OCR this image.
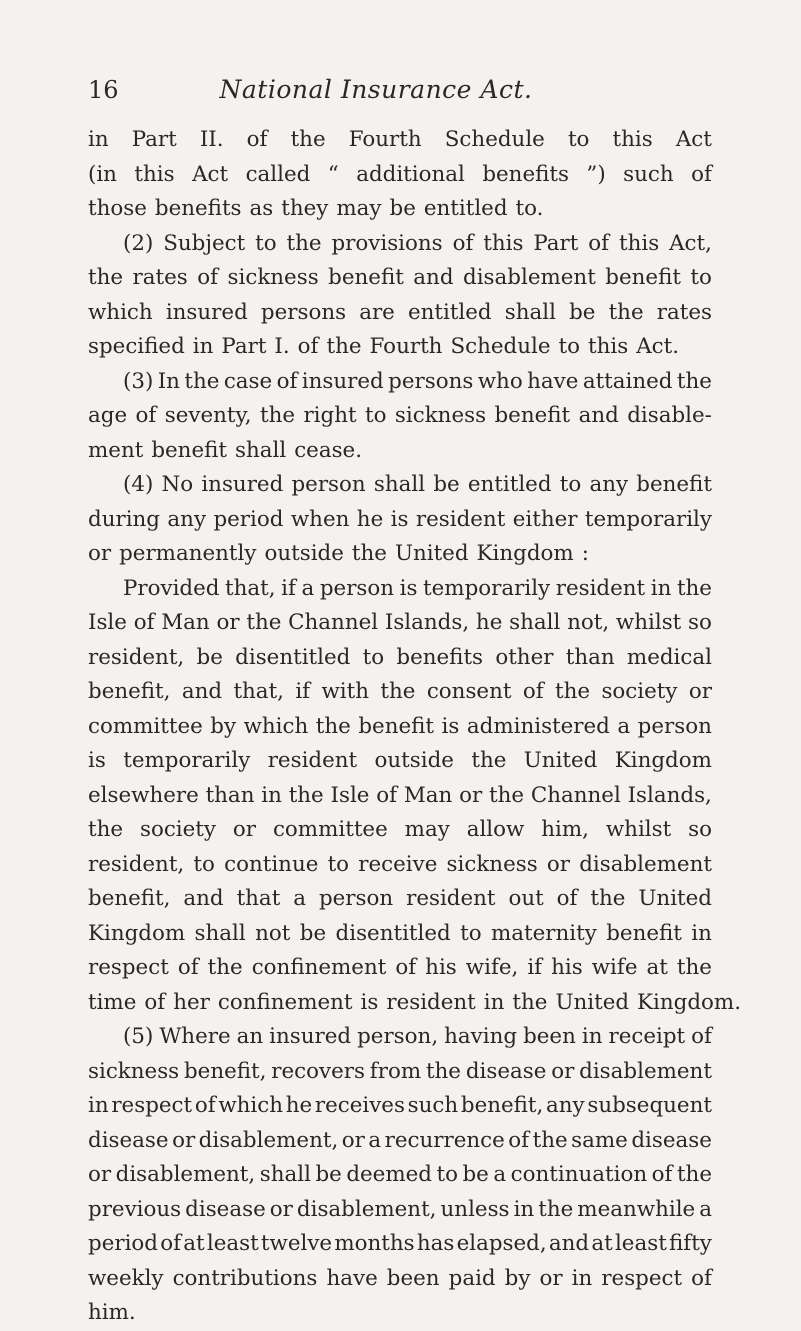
16	National Insurance Act.
in Part II. of the Fourth Schedule to this Act
(in this Act called “ additional benefits ”) such of
those benefits as they may be entitled to.
(2) Subject to the provisions of this Part of this Act,
the rates of sickness benefit and disablement benefit to
which insured persons are entitled shall be the rates
specified in Part I. of the Fourth Schedule to this Act.
(3) In the case of insured persons who have attained the
age of seventy, the right to sickness benefit and disable-
ment benefit shall cease.
(4) No insured person shall be entitled to any benefit
during any period when he is resident either temporarily
or permanently outside the United Kingdom :
Provided that, if a person is temporarily resident in the
Isle of Man or the Channel Islands, he shall not, whilst so
resident, be disentitled to benefits other than medical
benefit, and that, if with the consent of the society or
committee by which the benefit is administered a person
is temporarily resident outside the United Kingdom
elsewhere than in the Isle of Man or the Channel Islands,
the society or committee may allow him, whilst so
resident, to continue to receive sickness or disablement
benefit, and that a person resident out of the United
Kingdom shall not be disentitled to maternity benefit in
respect of the confinement of his wife, if his wife at the
time of her confinement is resident in the United Kingdom.
(5) Where an insured person, having been in receipt of
sickness benefit, recovers from the disease or disablement
in respect of which he receives such benefit, any subsequent
disease or disablement, or a recurrence of the same disease
or disablement, shall be deemed to be a continuation of the
previous disease or disablement, unless in the meanwhile a
period of at least twelve months has elapsed, and at least fifty
weekly contributions have been paid by or in respect of
him.
